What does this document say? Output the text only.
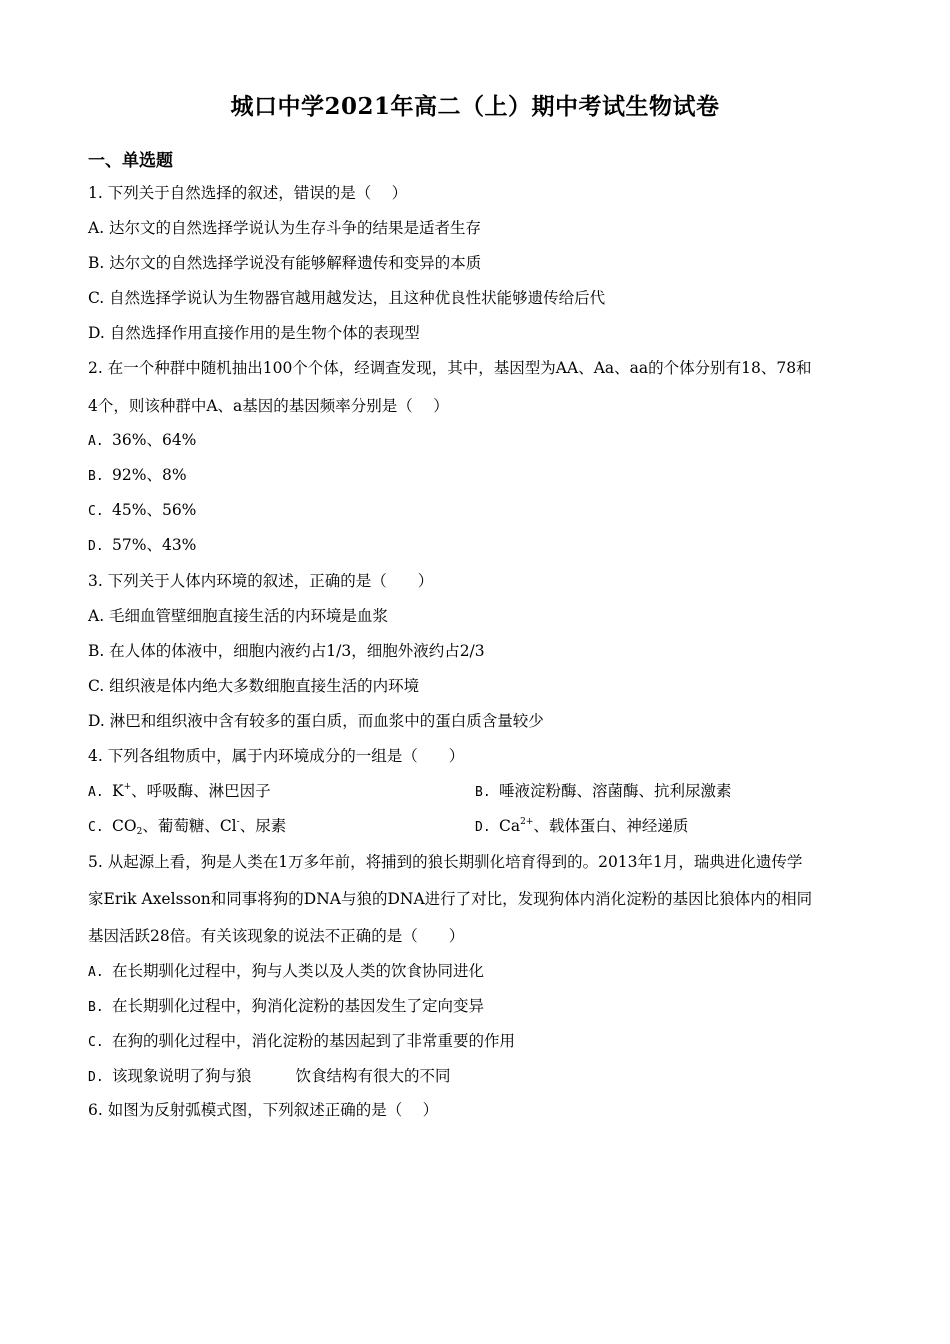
城口中学2021年高二（上）期中考试生物试卷
一、单选题
1. 下列关于自然选择的叙述，错误的是（　 ）
A. 达尔文的自然选择学说认为生存斗争的结果是适者生存
B. 达尔文的自然选择学说没有能够解释遗传和变异的本质
C. 自然选择学说认为生物器官越用越发达，且这种优良性状能够遗传给后代
D. 自然选择作用直接作用的是生物个体的表现型
2. 在一个种群中随机抽出100个个体，经调查发现，其中，基因型为AA、Aa、aa的个体分别有18、78和
4个，则该种群中A、a基因的基因频率分别是（　 ）
A. 36%、64%
B. 92%、8%
C. 45%、56%
D. 57%、43%
3. 下列关于人体内环境的叙述，正确的是（　　）
A. 毛细血管壁细胞直接生活的内环境是血浆
B. 在人体的体液中，细胞内液约占1/3，细胞外液约占2/3
C. 组织液是体内绝大多数细胞直接生活的内环境
D. 淋巴和组织液中含有较多的蛋白质，而血浆中的蛋白质含量较少
4. 下列各组物质中，属于内环境成分的一组是（　　）
A. K+、呼吸酶、淋巴因子	B. 唾液淀粉酶、溶菌酶、抗利尿激素
C. $CO_2$、葡萄糖、Cl-、尿素	D. $Ca^{2+}$、载体蛋白、神经递质
5. 从起源上看，狗是人类在1万多年前，将捕到的狼长期驯化培育得到的。2013年1月，瑞典进化遗传学
家Erik Axelsson和同事将狗的DNA与狼的DNA进行了对比，发现狗体内消化淀粉的基因比狼体内的相同
基因活跃28倍。有关该现象的说法不正确的是（　　）
A. 在长期驯化过程中，狗与人类以及人类的饮食协同进化
B. 在长期驯化过程中，狗消化淀粉的基因发生了定向变异
C. 在狗的驯化过程中，消化淀粉的基因起到了非常重要的作用
D. 该现象说明了狗与狼	饮食结构有很大的不同
6. 如图为反射弧模式图，下列叙述正确的是（　 ）
